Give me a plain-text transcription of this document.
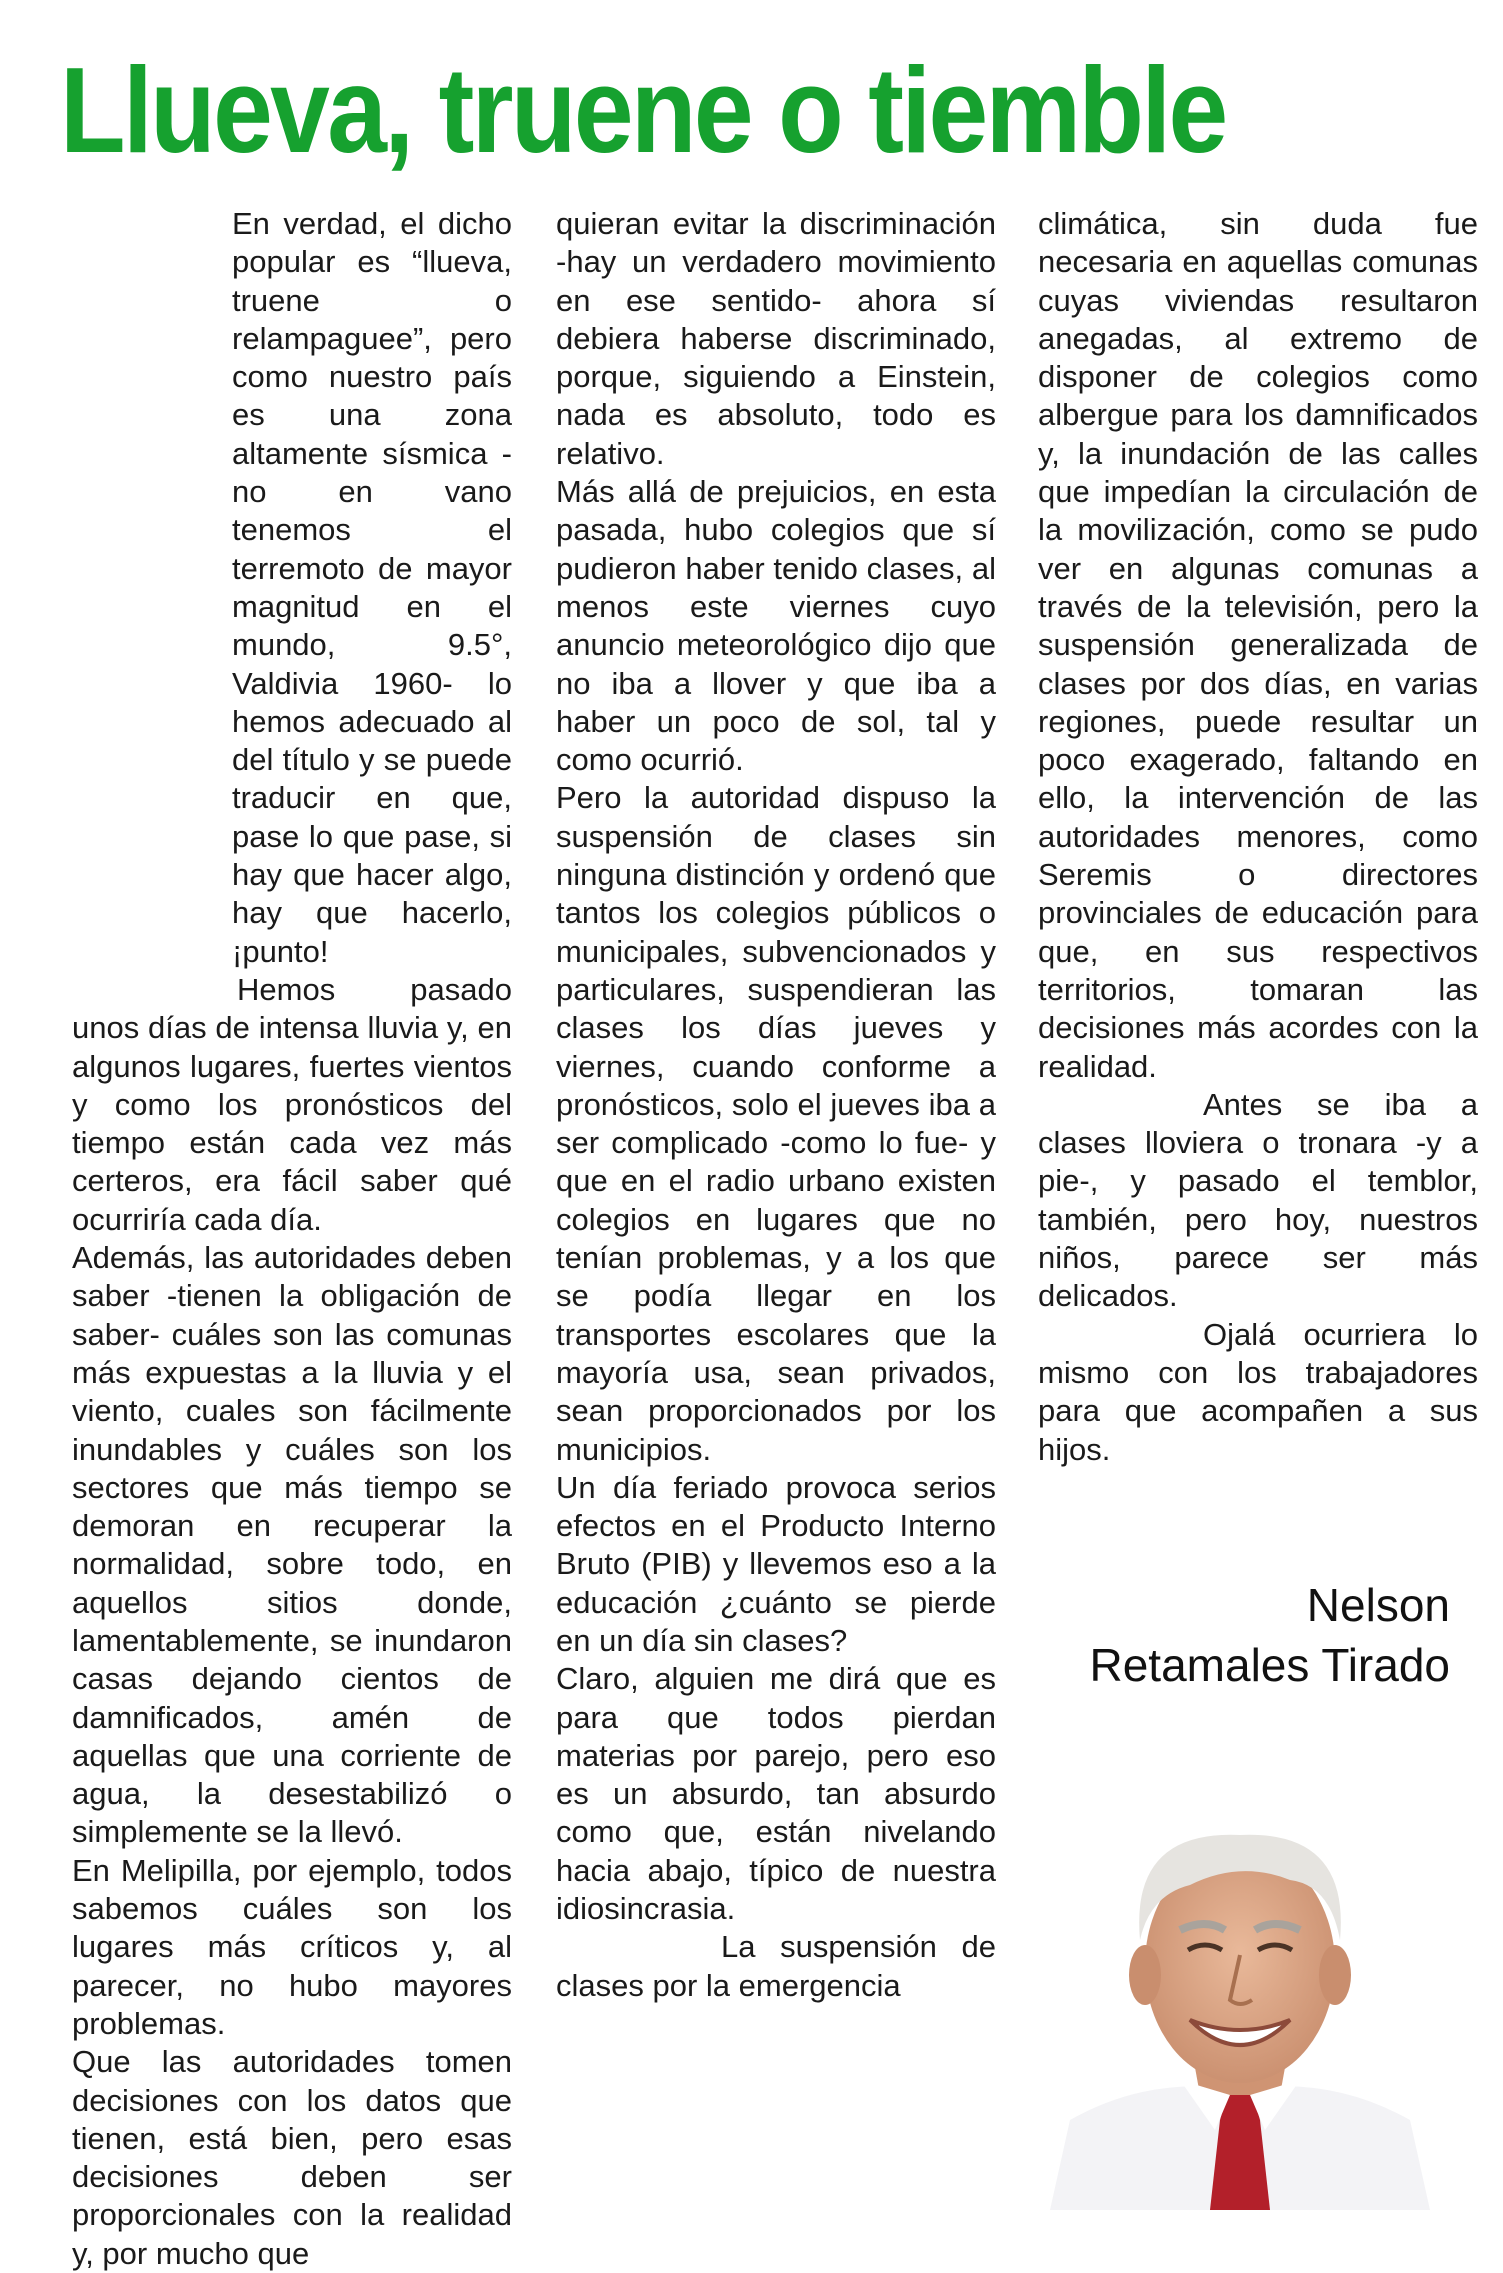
Llueva, truene o tiemble

En verdad, el dicho popular es “llueva, truene o relampaguee”, pero como nuestro país es una zona altamente sísmica -no en vano tenemos el terremoto de mayor magnitud en el mundo, 9.5°, Valdivia 1960- lo hemos adecuado al del título y se puede traducir en que, pase lo que pase, si hay que hacer algo, hay que hacerlo, ¡punto!

Hemos pasado unos días de intensa lluvia y, en algunos lugares, fuertes vientos y como los pronósticos del tiempo están cada vez más certeros, era fácil saber qué ocurriría cada día.

Además, las autoridades deben saber -tienen la obligación de saber- cuáles son las comunas más expuestas a la lluvia y el viento, cuales son fácilmente inundables y cuáles son los sectores que más tiempo se demoran en recuperar la normalidad, sobre todo, en aquellos sitios donde, lamentablemente, se inundaron casas dejando cientos de damnificados, amén de aquellas que una corriente de agua, la desestabilizó o simplemente se la llevó.

En Melipilla, por ejemplo, todos sabemos cuáles son los lugares más críticos y, al parecer, no hubo mayores problemas.

Que las autoridades tomen decisiones con los datos que tienen, está bien, pero esas decisiones deben ser proporcionales con la realidad y, por mucho que

quieran evitar la discriminación -hay un verdadero movimiento en ese sentido- ahora sí debiera haberse discriminado, porque, siguiendo a Einstein, nada es absoluto, todo es relativo.

Más allá de prejuicios, en esta pasada, hubo colegios que sí pudieron haber tenido clases, al menos este viernes cuyo anuncio meteorológico dijo que no iba a llover y que iba a haber un poco de sol, tal y como ocurrió.

Pero la autoridad dispuso la suspensión de clases sin ninguna distinción y ordenó que tantos los colegios públicos o municipales, subvencionados y particulares, suspendieran las clases los días jueves y viernes, cuando conforme a pronósticos, solo el jueves iba a ser complicado -como lo fue- y que en el radio urbano existen colegios en lugares que no tenían problemas, y a los que se podía llegar en los transportes escolares que la mayoría usa, sean privados, sean proporcionados por los municipios.

Un día feriado provoca serios efectos en el Producto Interno Bruto (PIB) y llevemos eso a la educación ¿cuánto se pierde en un día sin clases?

Claro, alguien me dirá que es para que todos pierdan materias por parejo, pero eso es un absurdo, tan absurdo como que, están nivelando hacia abajo, típico de nuestra idiosincrasia.

La suspensión de clases por la emergencia

climática, sin duda fue necesaria en aquellas comunas cuyas viviendas resultaron anegadas, al extremo de disponer de colegios como albergue para los damnificados y, la inundación de las calles que impedían la circulación de la movilización, como se pudo ver en algunas comunas a través de la televisión, pero la suspensión generalizada de clases por dos días, en varias regiones, puede resultar un poco exagerado, faltando en ello, la intervención de las autoridades menores, como Seremis o directores provinciales de educación para que, en sus respectivos territorios, tomaran las decisiones más acordes con la realidad.

Antes se iba a clases lloviera o tronara -y a pie-, y pasado el temblor, también, pero hoy, nuestros niños, parece ser más delicados.

Ojalá ocurriera lo mismo con los trabajadores para que acompañen a sus hijos.

Nelson
Retamales Tirado
